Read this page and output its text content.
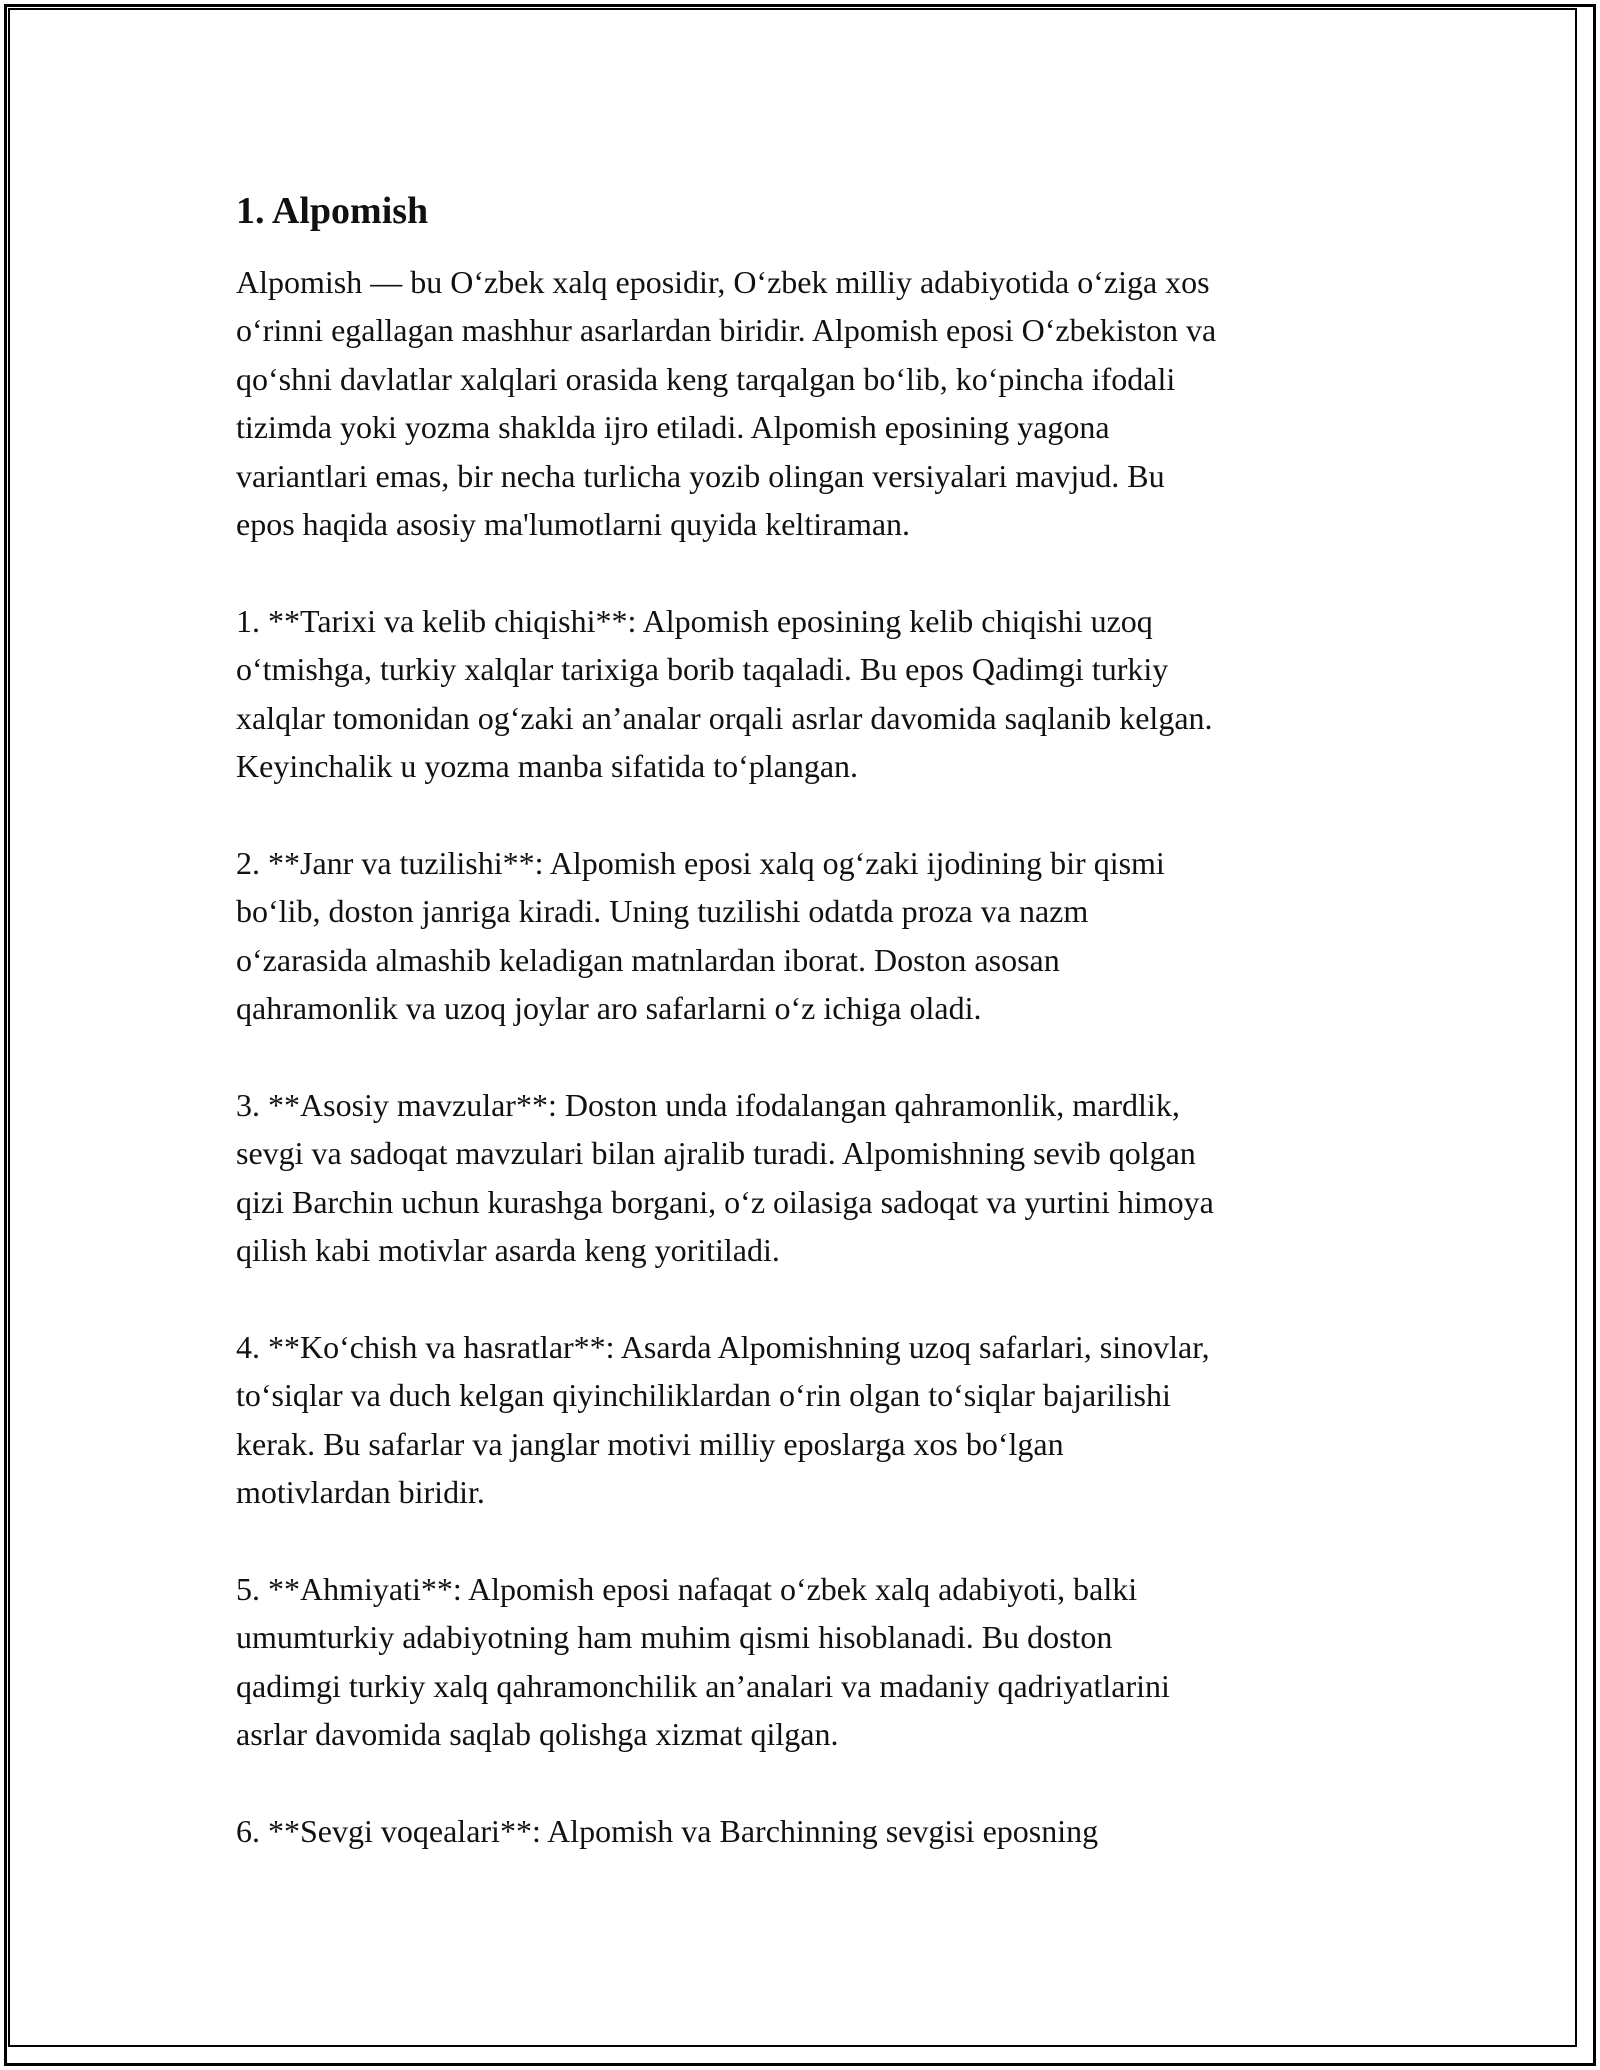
1. Alpomish
Alpomish — bu Oʻzbek xalq eposidir, Oʻzbek milliy adabiyotida oʻziga xos
oʻrinni egallagan mashhur asarlardan biridir. Alpomish eposi Oʻzbekiston va
qoʻshni davlatlar xalqlari orasida keng tarqalgan boʻlib, koʻpincha ifodali
tizimda yoki yozma shaklda ijro etiladi. Alpomish eposining yagona
variantlari emas, bir necha turlicha yozib olingan versiyalari mavjud. Bu
epos haqida asosiy ma'lumotlarni quyida keltiraman.
1. **Tarixi va kelib chiqishi**: Alpomish eposining kelib chiqishi uzoq
oʻtmishga, turkiy xalqlar tarixiga borib taqaladi. Bu epos Qadimgi turkiy
xalqlar tomonidan ogʻzaki an’analar orqali asrlar davomida saqlanib kelgan.
Keyinchalik u yozma manba sifatida toʻplangan.
2. **Janr va tuzilishi**: Alpomish eposi xalq ogʻzaki ijodining bir qismi
boʻlib, doston janriga kiradi. Uning tuzilishi odatda proza va nazm
oʻzarasida almashib keladigan matnlardan iborat. Doston asosan
qahramonlik va uzoq joylar aro safarlarni oʻz ichiga oladi.
3. **Asosiy mavzular**: Doston unda ifodalangan qahramonlik, mardlik,
sevgi va sadoqat mavzulari bilan ajralib turadi. Alpomishning sevib qolgan
qizi Barchin uchun kurashga borgani, oʻz oilasiga sadoqat va yurtini himoya
qilish kabi motivlar asarda keng yoritiladi.
4. **Koʻchish va hasratlar**: Asarda Alpomishning uzoq safarlari, sinovlar,
toʻsiqlar va duch kelgan qiyinchiliklardan oʻrin olgan toʻsiqlar bajarilishi
kerak. Bu safarlar va janglar motivi milliy eposlarga xos boʻlgan
motivlardan biridir.
5. **Ahmiyati**: Alpomish eposi nafaqat oʻzbek xalq adabiyoti, balki
umumturkiy adabiyotning ham muhim qismi hisoblanadi. Bu doston
qadimgi turkiy xalq qahramonchilik an’analari va madaniy qadriyatlarini
asrlar davomida saqlab qolishga xizmat qilgan.
6. **Sevgi voqealari**: Alpomish va Barchinning sevgisi eposning
